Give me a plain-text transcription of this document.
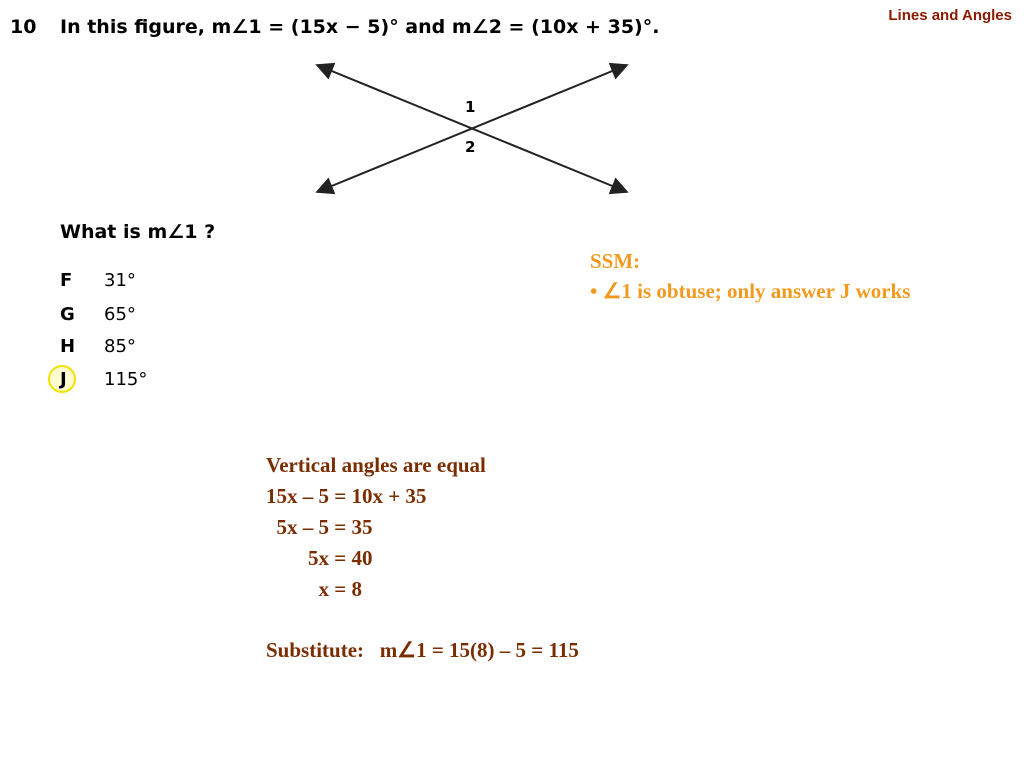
Lines and Angles
10 In this figure, m∠1 = (15x − 5)° and m∠2 = (10x + 35)°.
1
2
What is m∠1 ?
F 31°
G 65°
H 85°
J 115°
SSM:
• ∠1 is obtuse; only answer J works
Vertical angles are equal
15x – 5 = 10x + 35
5x – 5 = 35
5x = 40
x = 8
Substitute:   m∠1 = 15(8) – 5 = 115
